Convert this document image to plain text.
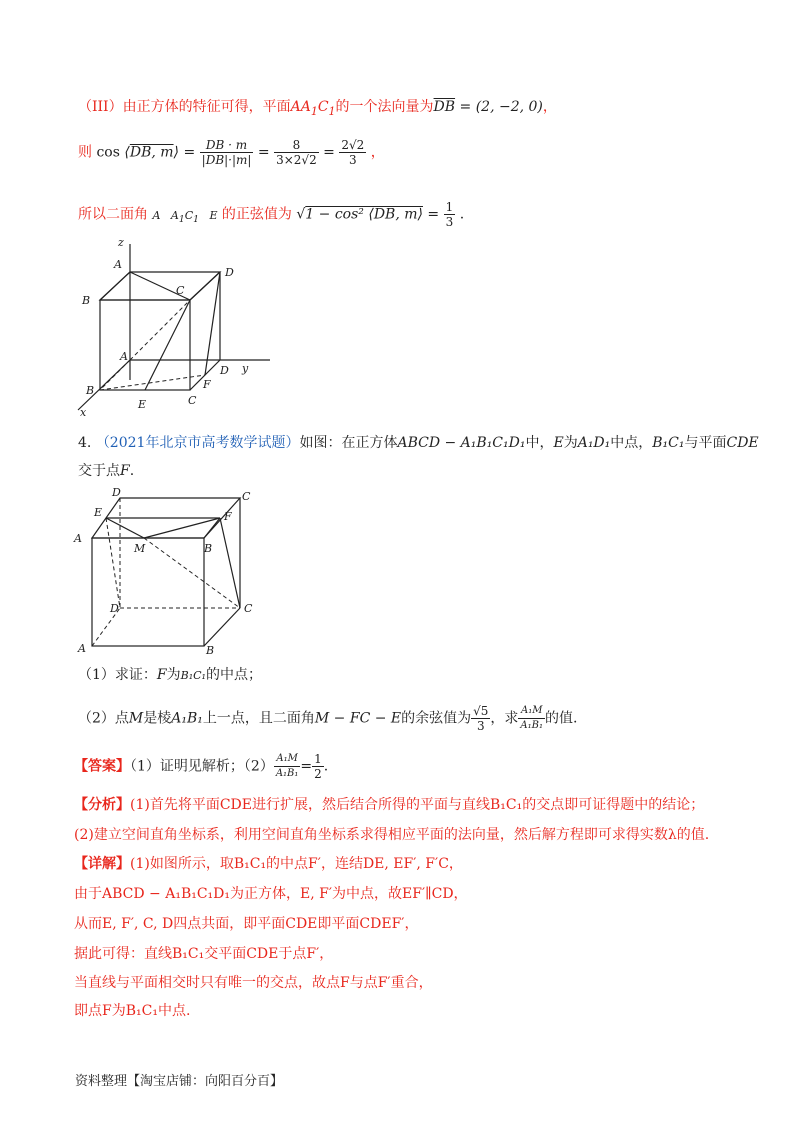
（III）由正方体的特征可得，平面$AA_1C_1$的一个法向量为$\overline{DB} = (2$, −2, 0)，
则 cos ⟨DB, m⟩ = $\frac{DB \cdot m}{|DB|\cdot|m|} = \frac{8}{3\times 2√2} = \frac{2√2}{3}$ ，
所以二面角 A $A_1C_1$ E 的正弦值为 √1 − cos² ⟨DB, m⟩ = $\frac{1}{3}$ .
z
A
D
B
C
A
D y
B
E	C
F
x
4. （2021年北京市高考数学试题）如图：在正方体ABCD − A₁B₁C₁D₁中，E为A₁D₁中点，B₁C₁与平面CDE
交于点F.
D	C
E	F
A
M	B
D	C
A	B
（1）求证：F为B₁C₁的中点；
（2）点M是棱A₁B₁上一点，且二面角M − FC − E的余弦值为 $\frac{√5}{3}$ ，求 $\frac{\text{A₁M}}{\text{A₁B₁}}$ 的值.
【答案】（1）证明见解析；$(2) \frac{\text{A₁M}}{\text{A₁B₁}} = \frac{1}{2}$ .
【分析】(1)首先将平面CDE进行扩展，然后结合所得的平面与直线B₁C₁的交点即可证得题中的结论；
(2)建立空间直角坐标系，利用空间直角坐标系求得相应平面的法向量，然后解方程即可求得实数λ的值.
【详解】(1)如图所示，取B₁C₁的中点F′，连结DE, EF′, F′C，
由于ABCD − A₁B₁C₁D₁为正方体，E, F′为中点，故EF′∥CD，
从而E, F′, C, D四点共面，即平面CDE即平面CDEF′，
据此可得：直线B₁C₁交平面CDE于点F′，
当直线与平面相交时只有唯一的交点，故点F与点F′重合，
即点F为B₁C₁中点.
资料整理【淘宝店铺：向阳百分百】
